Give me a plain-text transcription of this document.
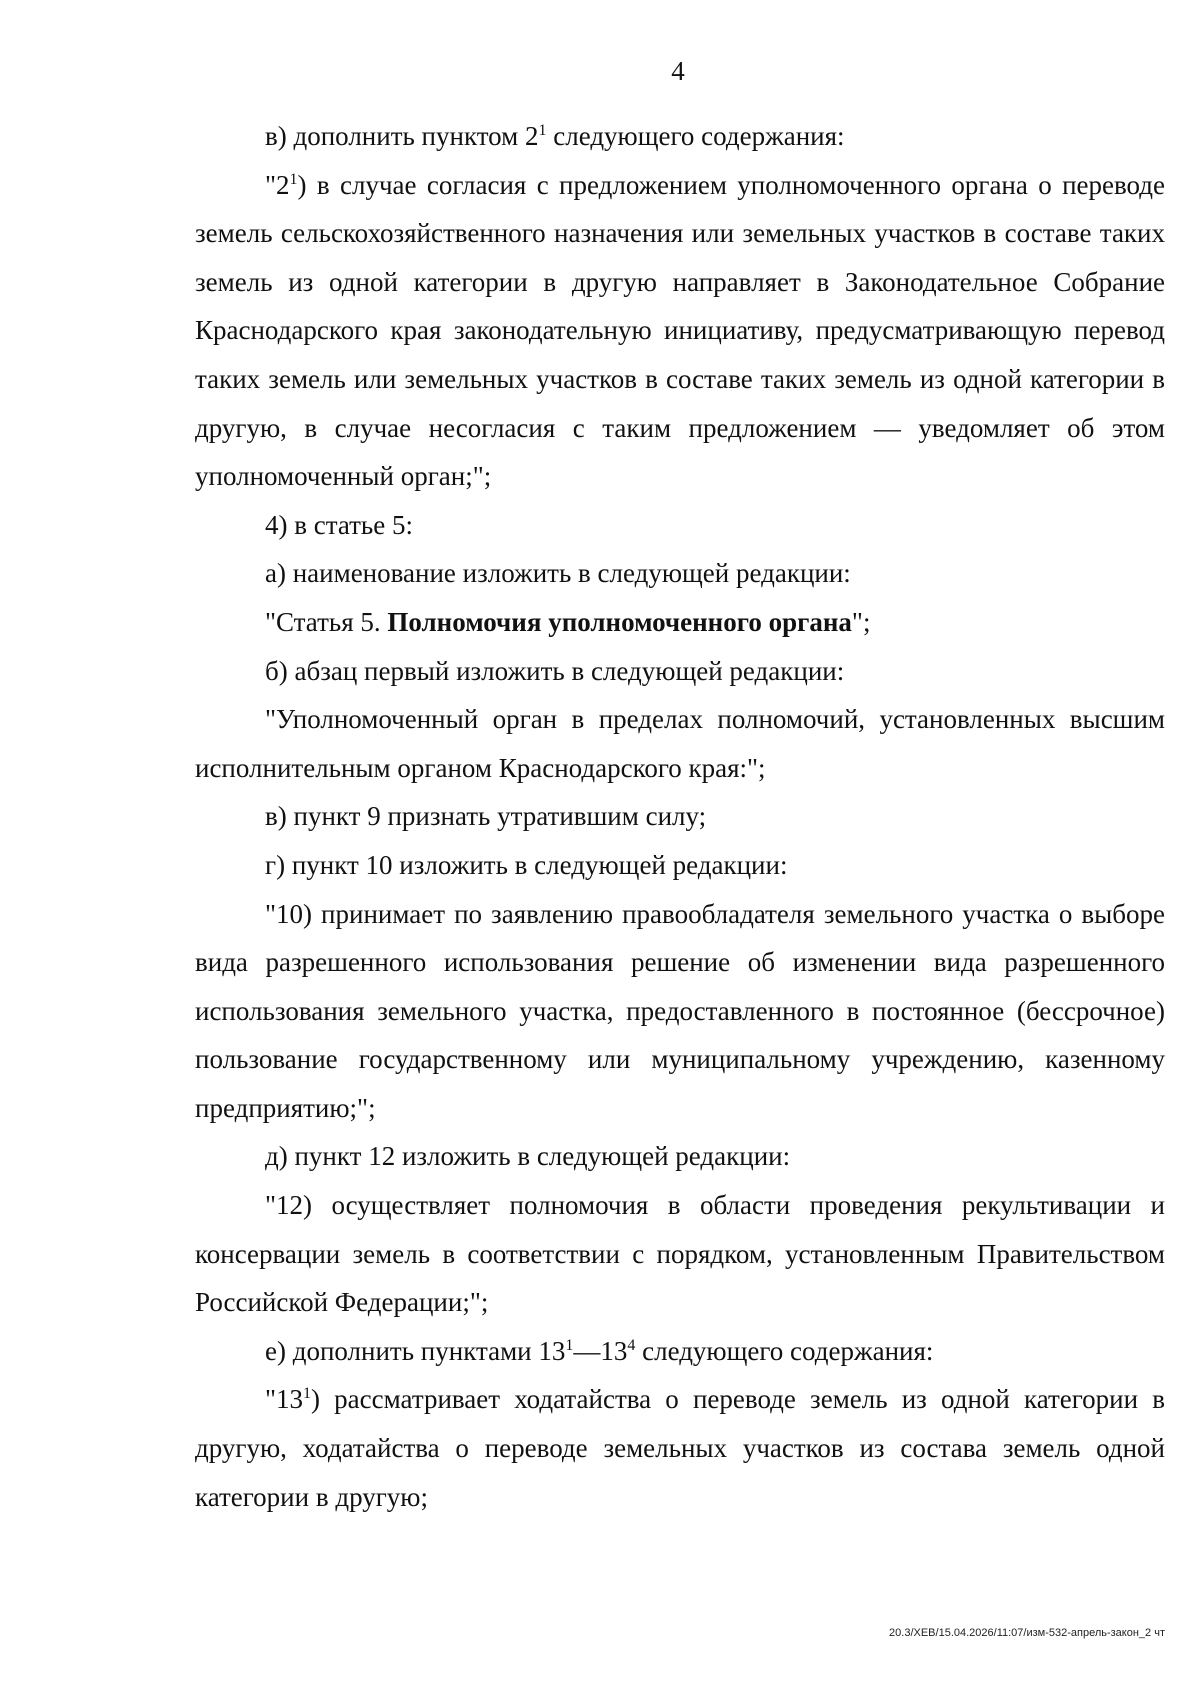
4

в) дополнить пунктом $2^1$ следующего содержания:

"$2^1$) в случае согласия с предложением уполномоченного органа о переводе земель сельскохозяйственного назначения или земельных участков в составе таких земель из одной категории в другую направляет в Законодательное Собрание Краснодарского края законодательную инициативу, предусматривающую перевод таких земель или земельных участков в составе таких земель из одной категории в другую, в случае несогласия с таким предложением — уведомляет об этом уполномоченный орган;";

4) в статье 5:

а) наименование изложить в следующей редакции:

"Статья 5. Полномочия уполномоченного органа";

б) абзац первый изложить в следующей редакции:

"Уполномоченный орган в пределах полномочий, установленных высшим исполнительным органом Краснодарского края:";

в) пункт 9 признать утратившим силу;

г) пункт 10 изложить в следующей редакции:

"10) принимает по заявлению правообладателя земельного участка о выборе вида разрешенного использования решение об изменении вида разрешенного использования земельного участка, предоставленного в постоянное (бессрочное) пользование государственному или муниципальному учреждению, казенному предприятию;";

д) пункт 12 изложить в следующей редакции:

"12) осуществляет полномочия в области проведения рекультивации и консервации земель в соответствии с порядком, установленным Правительством Российской Федерации;";

е) дополнить пунктами $13^1—13^4$ следующего содержания:

"$13^1$) рассматривает ходатайства о переводе земель из одной категории в другую, ходатайства о переводе земельных участков из состава земель одной категории в другую;

20.3/ХЕВ/15.04.2026/11:07/изм-532-апрель-закон_2 чт
